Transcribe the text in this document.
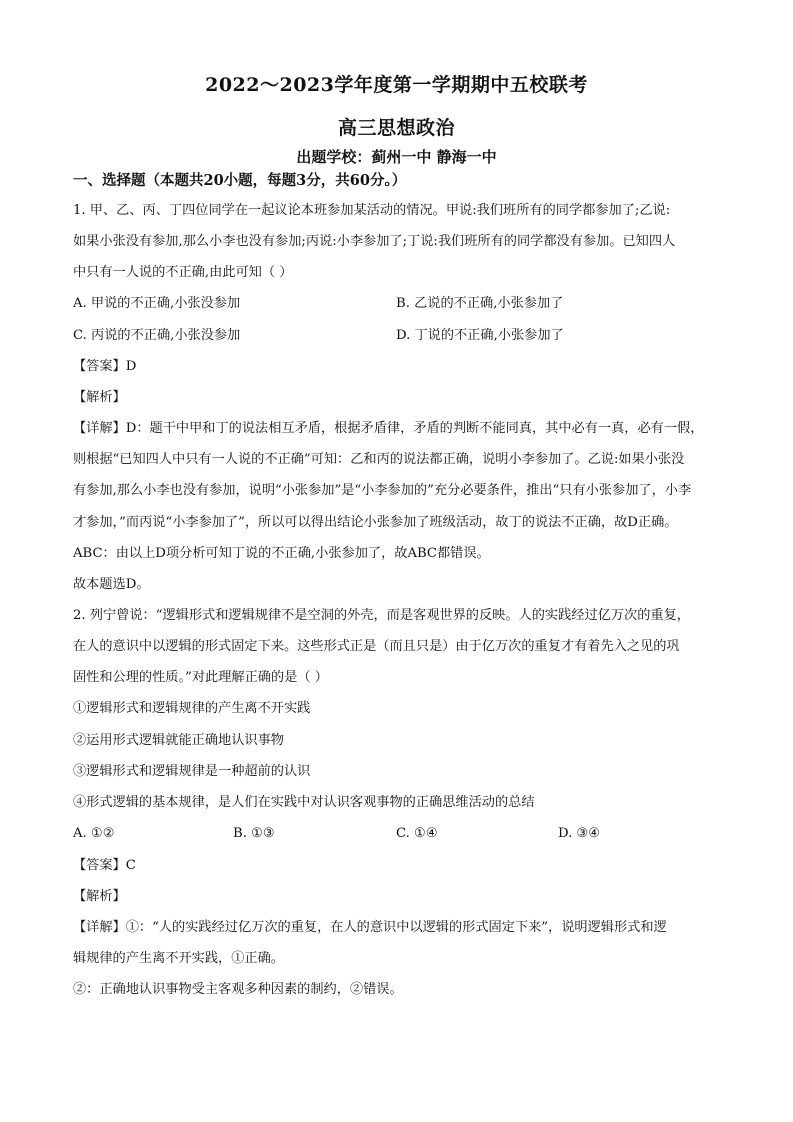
2022～2023学年度第一学期期中五校联考
高三思想政治
出题学校：蓟州一中 静海一中
一、选择题（本题共20小题，每题3分，共60分。）
1. 甲、乙、丙、丁四位同学在一起议论本班参加某活动的情况。甲说:我们班所有的同学都参加了;乙说:
如果小张没有参加,那么小李也没有参加;丙说:小李参加了;丁说:我们班所有的同学都没有参加。已知四人
中只有一人说的不正确,由此可知（ ）
A. 甲说的不正确,小张没参加	B. 乙说的不正确,小张参加了
C. 丙说的不正确,小张没参加	D. 丁说的不正确,小张参加了
【答案】D
【解析】
【详解】D：题干中甲和丁的说法相互矛盾，根据矛盾律，矛盾的判断不能同真，其中必有一真，必有一假，
则根据“已知四人中只有一人说的不正确”可知：乙和丙的说法都正确，说明小李参加了。乙说:如果小张没
有参加,那么小李也没有参加，说明“小张参加”是“小李参加的”充分必要条件，推出“只有小张参加了，小李
才参加，”而丙说“小李参加了”，所以可以得出结论小张参加了班级活动，故丁的说法不正确，故D正确。
ABC：由以上D项分析可知丁说的不正确,小张参加了，故ABC都错误。
故本题选D。
2. 列宁曾说：“逻辑形式和逻辑规律不是空洞的外壳，而是客观世界的反映。人的实践经过亿万次的重复，
在人的意识中以逻辑的形式固定下来。这些形式正是（而且只是）由于亿万次的重复才有着先入之见的巩
固性和公理的性质。”对此理解正确的是（ ）
①逻辑形式和逻辑规律的产生离不开实践
②运用形式逻辑就能正确地认识事物
③逻辑形式和逻辑规律是一种超前的认识
④形式逻辑的基本规律，是人们在实践中对认识客观事物的正确思维活动的总结
A. ①②	B. ①③	C. ①④	D. ③④
【答案】C
【解析】
【详解】①：“人的实践经过亿万次的重复，在人的意识中以逻辑的形式固定下来”，说明逻辑形式和逻
辑规律的产生离不开实践，①正确。
②：正确地认识事物受主客观多种因素的制约，②错误。
